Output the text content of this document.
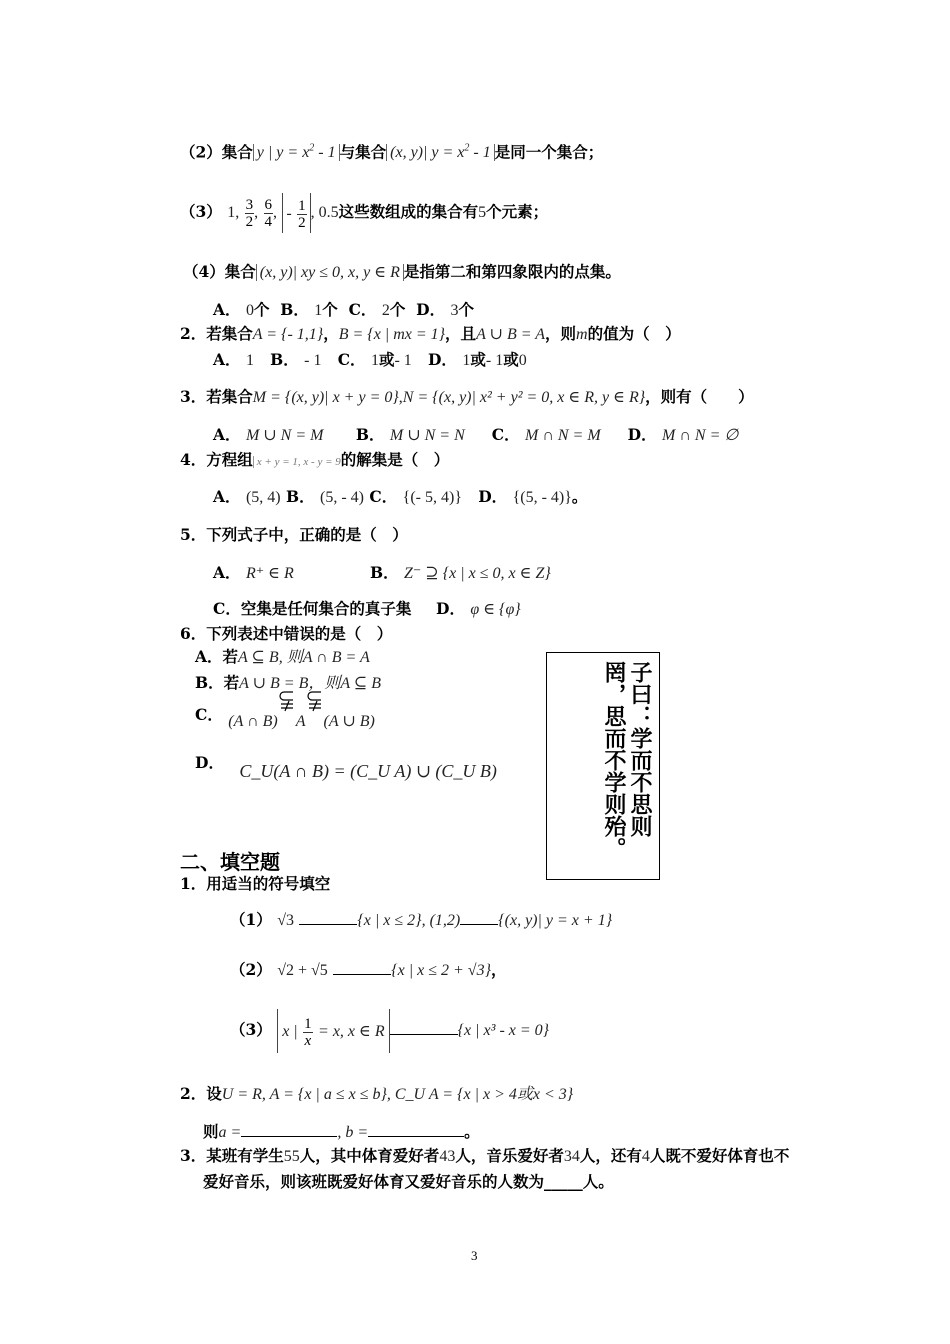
（2）集合 y | $y = x^2 - 1$ 与集合 (x, y)| $y = x^2 - 1$ 是同一个集合；
（3） 1, $\frac{3}{2}$ , $\frac{6}{4}$ , - $\frac{1}{2}$ , 0.5这些数组成的集合有5个元素；
（4）集合 (x, y)| xy ≤ 0, x, y ∈ R 是指第二和第四象限内的点集。
A． 0个 B． 1个 C． 2个 D． 3个
2．若集合A = {- 1,1}，B = {x | mx = 1}，且A ∪ B = A，则m的值为（　）
A． 1 B． - 1 C． 1或- 1 D． 1或- 1或0
3．若集合M = {(x, y)| x + y = 0},N = {(x, y)| x² + y² = 0, x ∈ R, y ∈ R}，则有（　　）
A． M ∪ N = M B． M ∪ N = N C． M ∩ N = M D． M ∩ N = ∅
4．方程组 x + y = 1, x - y = 9的解集是（　）
A． (5, 4) B． (5, - 4) C． {(- 5, 4)} D． {(5, - 4)}。
5．下列式子中，正确的是（　）
A． R⁺ ∈ R	B． Z⁻ ⊇ {x | x ≤ 0, x ∈ Z}
C．空集是任何集合的真子集 D． φ ∈ {φ}
6．下列表述中错误的是（　）
A．若A ⊆ B, 则A ∩ B = A
B．若A ∪ B = B，则A ⊆ B
C． (A ∩ B) A (A ∪ B)
D． C_U(A ∩ B) = (C_U A) ∪ (C_U B)	子曰：学而不思则罔，思而不学则殆。
二、填空题
1．用适当的符号填空
（1） √3	{x | x ≤ 2}, (1,2) {(x, y)| y = x + 1}
（2） √2 + √5	{x | x ≤ 2 + √3}，
（3） x | $\frac{1}{x} = x$, x ∈ R	{x | x³ - x = 0}
2．设U = R, A = {x | a ≤ x ≤ b}, C_U A = {x | x > 4或x < 3}
则a =	, b =	。
3．某班有学生55人，其中体育爱好者43人，音乐爱好者34人，还有4人既不爱好体育也不
爱好音乐，则该班既爱好体育又爱好音乐的人数为_____人。
3
